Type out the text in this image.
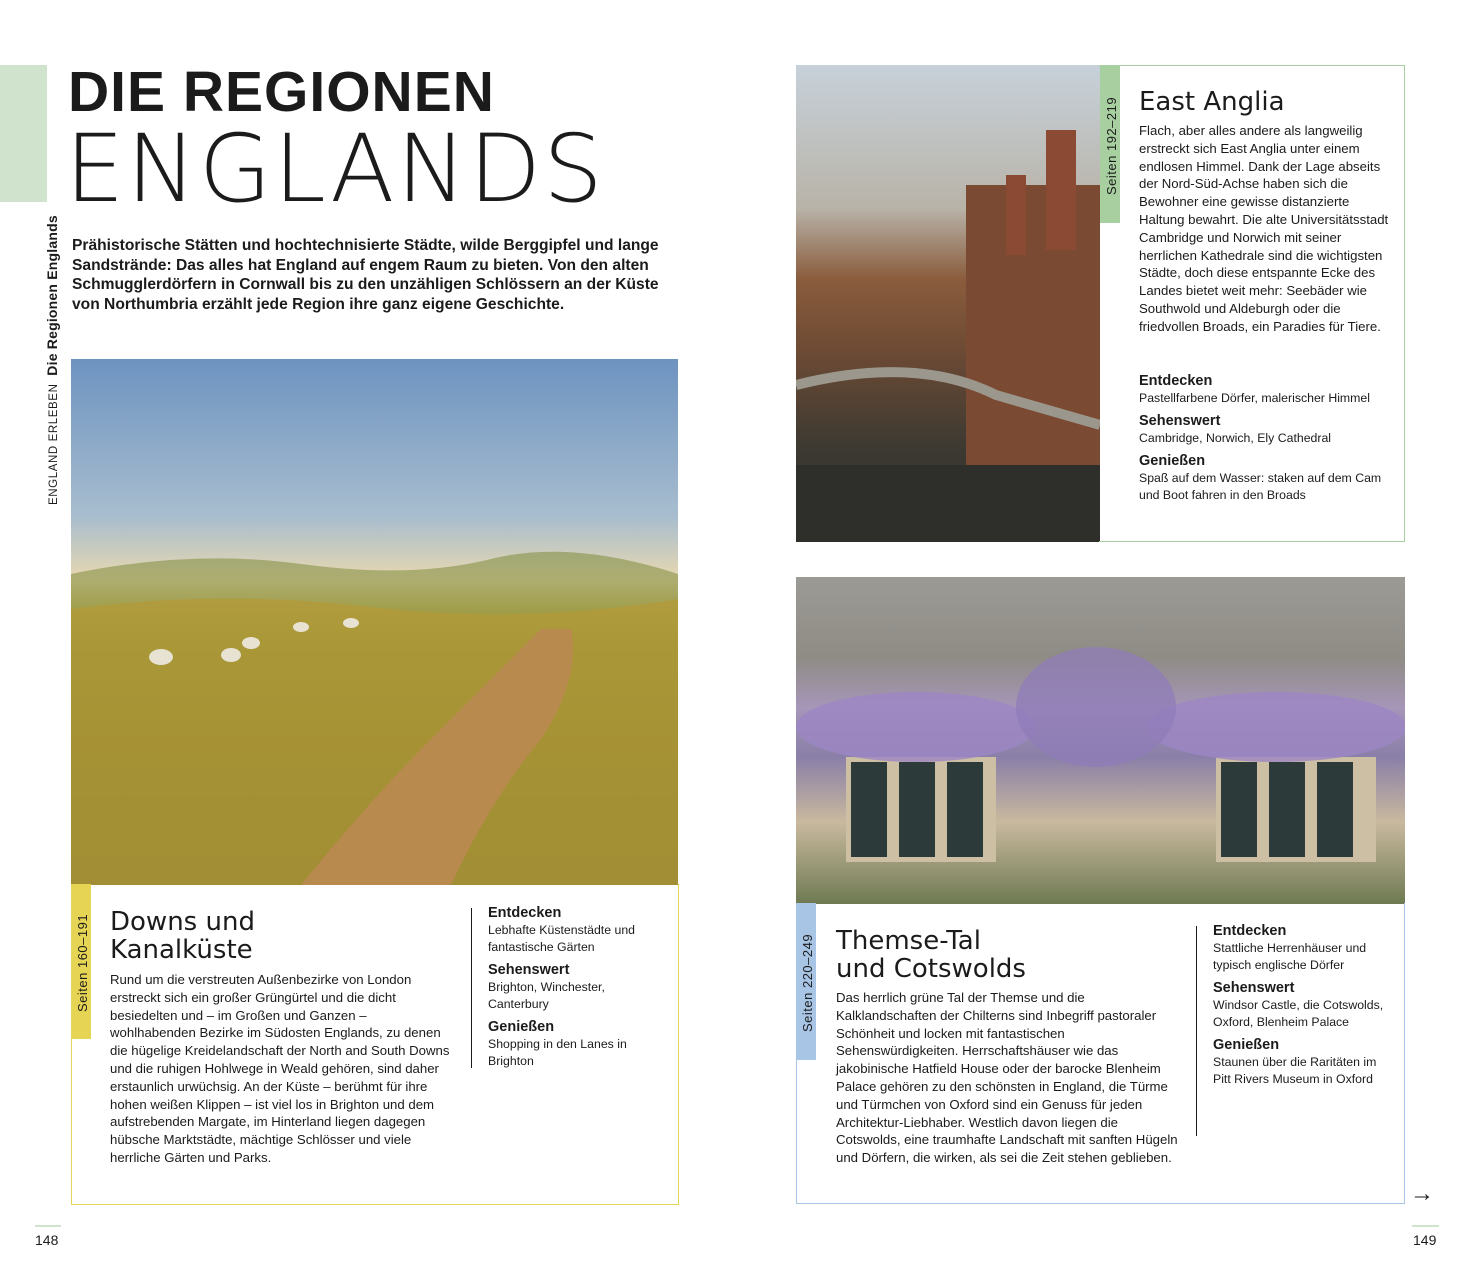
ENGLAND ERLEBEN Die Regionen Englands
DIE REGIONEN
ENGLANDS
Prähistorische Stätten und hochtechnisierte Städte, wilde Berggipfel und lange Sandstrände: Das alles hat England auf engem Raum zu bieten. Von den alten Schmugglerdörfern in Cornwall bis zu den unzähligen Schlössern an der Küste von Northumbria erzählt jede Region ihre ganz eigene Geschichte.
Seiten 160–191
Seiten 192–219
Seiten 220–249
Downs und
Kanalküste
Rund um die verstreuten Außenbezirke von London erstreckt sich ein großer Grüngürtel und die dicht besiedelten und – im Großen und Ganzen – wohlhabenden Bezirke im Südosten Englands, zu denen die hügelige Kreidelandschaft der North and South Downs und die ruhigen Hohlwege in Weald gehören, sind daher erstaunlich urwüchsig. An der Küste – berühmt für ihre hohen weißen Klippen – ist viel los in Brighton und dem aufstrebenden Margate, im Hinterland liegen dagegen hübsche Marktstädte, mächtige Schlösser und viele herrliche Gärten und Parks.
Entdecken
Lebhafte Küstenstädte und fantastische Gärten
Sehenswert
Brighton, Winchester, Canterbury
Genießen
Shopping in den Lanes in Brighton
East Anglia
Flach, aber alles andere als langweilig erstreckt sich East Anglia unter einem endlosen Himmel. Dank der Lage abseits der Nord-Süd-Achse haben sich die Bewohner eine gewisse distanzierte Haltung bewahrt. Die alte Universitätsstadt Cambridge und Norwich mit seiner herrlichen Kathedrale sind die wichtigsten Städte, doch diese entspannte Ecke des Landes bietet weit mehr: Seebäder wie Southwold und Aldeburgh oder die friedvollen Broads, ein Paradies für Tiere.
Entdecken
Pastellfarbene Dörfer, malerischer Himmel
Sehenswert
Cambridge, Norwich, Ely Cathedral
Genießen
Spaß auf dem Wasser: staken auf dem Cam und Boot fahren in den Broads
Themse-Tal
und Cotswolds
Das herrlich grüne Tal der Themse und die Kalklandschaften der Chilterns sind Inbegriff pastoraler Schönheit und locken mit fantastischen Sehenswürdigkeiten. Herrschaftshäuser wie das jakobinische Hatfield House oder der barocke Blenheim Palace gehören zu den schönsten in England, die Türme und Türmchen von Oxford sind ein Genuss für jeden Architektur-Liebhaber. Westlich davon liegen die Cotswolds, eine traumhafte Landschaft mit sanften Hügeln und Dörfern, die wirken, als sei die Zeit stehen geblieben.
Entdecken
Stattliche Herrenhäuser und typisch englische Dörfer
Sehenswert
Windsor Castle, die Cotswolds, Oxford, Blenheim Palace
Genießen
Staunen über die Raritäten im Pitt Rivers Museum in Oxford
148	149
→
